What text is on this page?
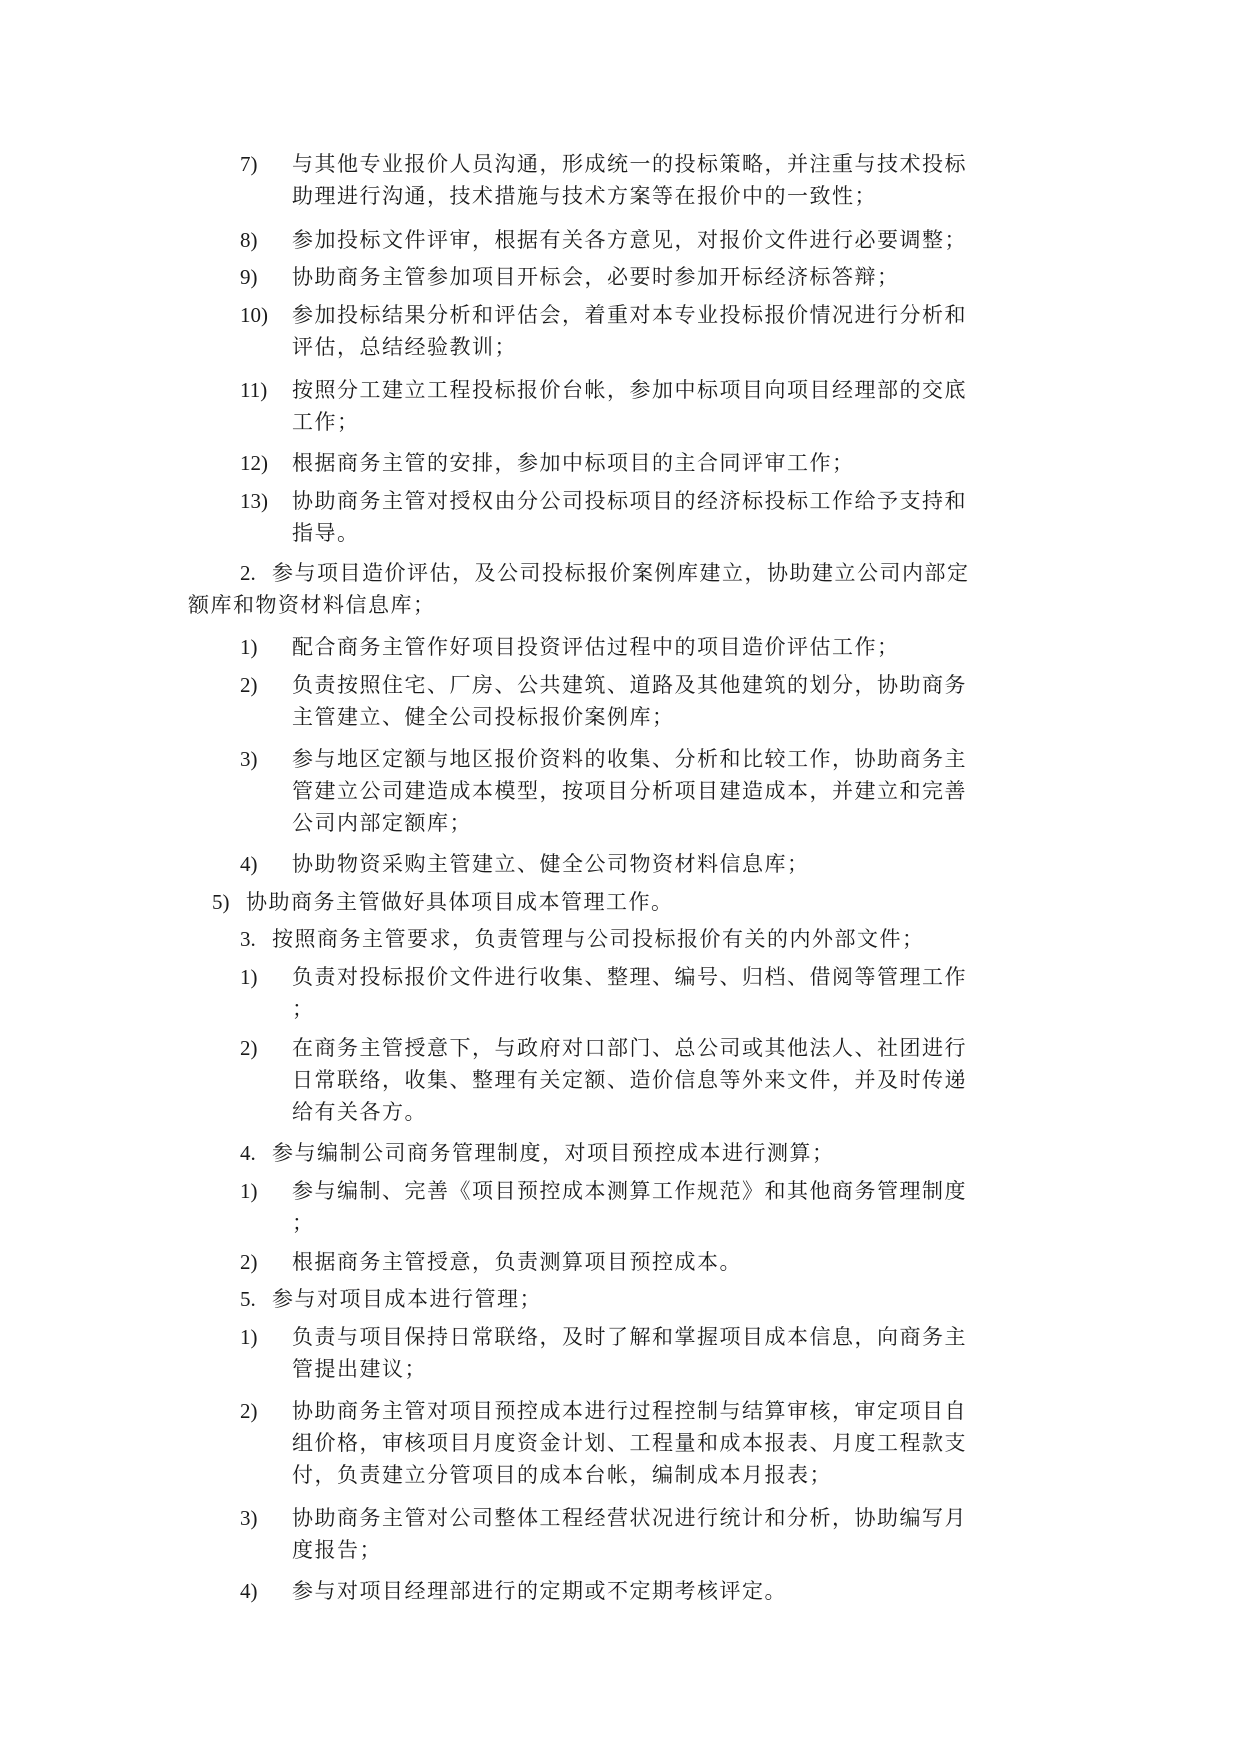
7) 与其他专业报价人员沟通，形成统一的投标策略，并注重与技术投标
助理进行沟通，技术措施与技术方案等在报价中的一致性；
8) 参加投标文件评审，根据有关各方意见，对报价文件进行必要调整；
9) 协助商务主管参加项目开标会，必要时参加开标经济标答辩；
10) 参加投标结果分析和评估会，着重对本专业投标报价情况进行分析和
评估，总结经验教训；
11) 按照分工建立工程投标报价台帐，参加中标项目向项目经理部的交底
工作；
12) 根据商务主管的安排，参加中标项目的主合同评审工作；
13) 协助商务主管对授权由分公司投标项目的经济标投标工作给予支持和
指导。
2. 参与项目造价评估，及公司投标报价案例库建立，协助建立公司内部定
额库和物资材料信息库；
1) 配合商务主管作好项目投资评估过程中的项目造价评估工作；
2) 负责按照住宅、厂房、公共建筑、道路及其他建筑的划分，协助商务
主管建立、健全公司投标报价案例库；
3) 参与地区定额与地区报价资料的收集、分析和比较工作，协助商务主
管建立公司建造成本模型，按项目分析项目建造成本，并建立和完善
公司内部定额库；
4) 协助物资采购主管建立、健全公司物资材料信息库；
5) 协助商务主管做好具体项目成本管理工作。
3. 按照商务主管要求，负责管理与公司投标报价有关的内外部文件；
1) 负责对投标报价文件进行收集、整理、编号、归档、借阅等管理工作
；
2) 在商务主管授意下，与政府对口部门、总公司或其他法人、社团进行
日常联络，收集、整理有关定额、造价信息等外来文件，并及时传递
给有关各方。
4. 参与编制公司商务管理制度，对项目预控成本进行测算；
1) 参与编制、完善《项目预控成本测算工作规范》和其他商务管理制度
；
2) 根据商务主管授意，负责测算项目预控成本。
5. 参与对项目成本进行管理；
1) 负责与项目保持日常联络，及时了解和掌握项目成本信息，向商务主
管提出建议；
2) 协助商务主管对项目预控成本进行过程控制与结算审核，审定项目自
组价格，审核项目月度资金计划、工程量和成本报表、月度工程款支
付，负责建立分管项目的成本台帐，编制成本月报表；
3) 协助商务主管对公司整体工程经营状况进行统计和分析，协助编写月
度报告；
4) 参与对项目经理部进行的定期或不定期考核评定。
